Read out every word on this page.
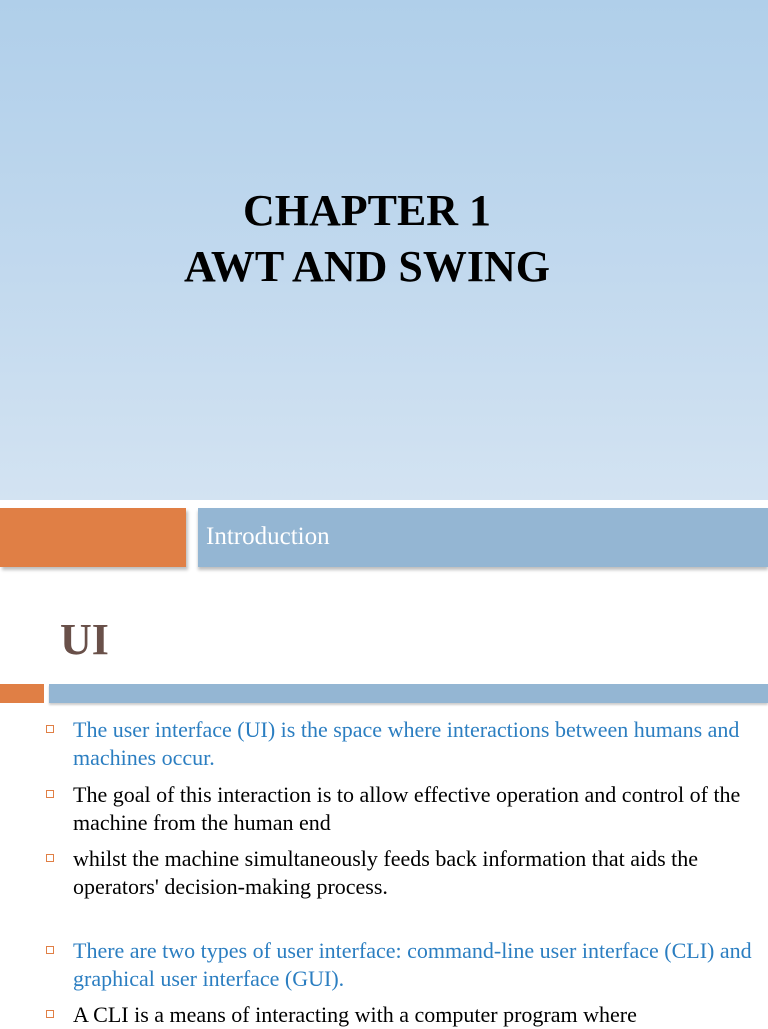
CHAPTER 1
AWT AND SWING
Introduction
UI
The user interface (UI) is the space where interactions between humans and machines occur.
The goal of this interaction is to allow effective operation and control of the machine from the human end
whilst the machine simultaneously feeds back information that aids the operators' decision-making process.
There are two types of user interface: command-line user interface (CLI) and graphical user interface (GUI).
A CLI is a means of interacting with a computer program where
